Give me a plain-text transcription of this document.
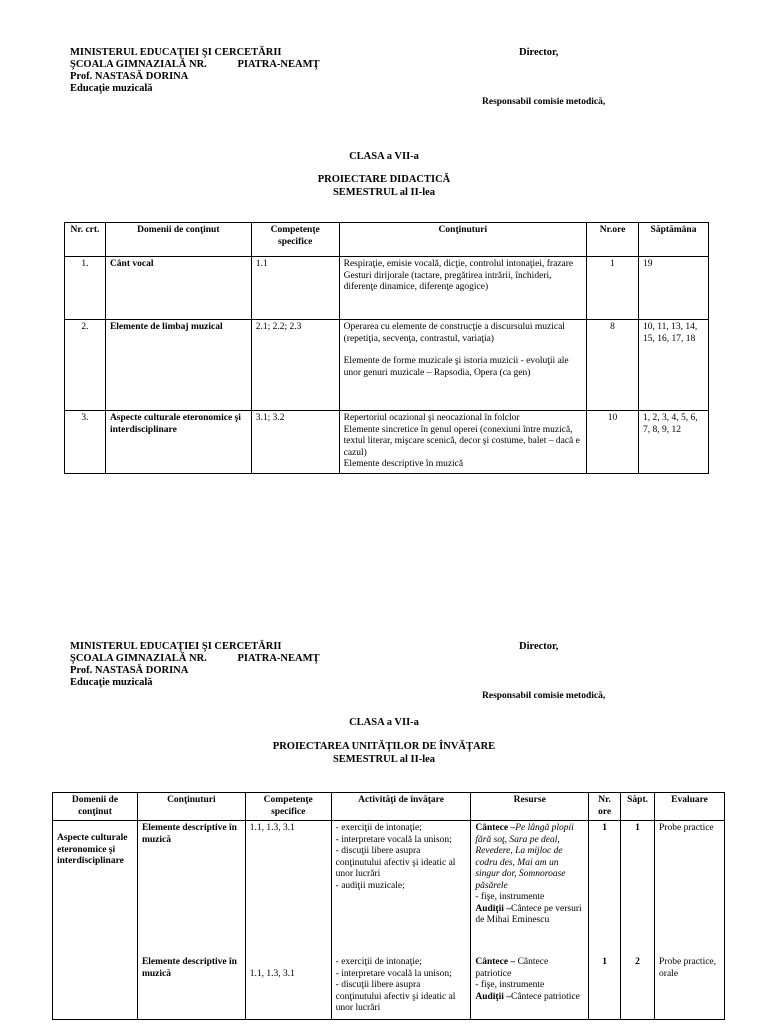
MINISTERUL EDUCAŢIEI ŞI CERCETĂRII
ŞCOALA GIMNAZIALĂ NR.	PIATRA-NEAMŢ
Prof. NASTASĂ DORINA
Educaţie muzicală
Director,
Responsabil comisie metodică,
CLASA a VII-a
PROIECTARE DIDACTICĂ
SEMESTRUL al II-lea
Nr. crt.	Domenii de conţinut	Competenţe specifice	Conţinuturi	Nr.ore	Săptămâna
1.	Cânt vocal	1.1	Respiraţie, emisie vocală, dicţie, controlul intonaţiei, frazare
Gesturi dirijorale (tactare, pregătirea intrării, închideri, diferenţe dinamice, diferenţe agogice)	1	19
2.	Elemente de limbaj muzical	2.1; 2.2; 2.3	Operarea cu elemente de construcţie a discursului muzical (repetiţia, secvenţa, contrastul, variaţia)
Elemente de forme muzicale şi istoria muzicii - evoluţii ale unor genuri muzicale – Rapsodia, Opera (ca gen)	8	10, 11, 13, 14, 15, 16, 17, 18
3.	Aspecte culturale eteronomice şi interdisciplinare	3.1; 3.2	Repertoriul ocazional şi neocazional în folclor
Elemente sincretice în genul operei (conexiuni între muzică, textul literar, mişcare scenică, decor şi costume, balet – dacă e cazul)
Elemente descriptive în muzică	10	1, 2, 3, 4, 5, 6, 7, 8, 9, 12
MINISTERUL EDUCAŢIEI ŞI CERCETĂRII
ŞCOALA GIMNAZIALĂ NR.	PIATRA-NEAMŢ
Prof. NASTASĂ DORINA
Educaţie muzicală
Director,
Responsabil comisie metodică,
CLASA a VII-a
PROIECTAREA UNITĂŢILOR DE ÎNVĂŢARE
SEMESTRUL al II-lea
Domenii de conţinut	Conţinuturi	Competenţe specifice	Activităţi de învăţare	Resurse	Nr. ore	Săpt.	Evaluare
Aspecte culturale eteronomice şi interdisciplinare	Elemente descriptive în muzică	1.1, 1.3, 3.1	- exerciţii de intonaţie;
- interpretare vocală la unison;
- discuţii libere asupra conţinutului afectiv şi ideatic al unor lucrări
- audiţii muzicale;	Cântece –Pe lângă plopii fără soţ, Sara pe deal, Revedere, La mijloc de codru des, Mai am un singur dor, Somnoroase păsărele
- fişe, instrumente
Audiţii –Cântece pe versuri de Mihai Eminescu	1	1	Probe practice
	Elemente descriptive în muzică	1.1, 1.3, 3.1	- exerciţii de intonaţie;
- interpretare vocală la unison;
- discuţii libere asupra conţinutului afectiv şi ideatic al unor lucrări	Cântece – Cântece patriotice
- fişe, instrumente
Audiţii –Cântece patriotice	1	2	Probe practice, orale
